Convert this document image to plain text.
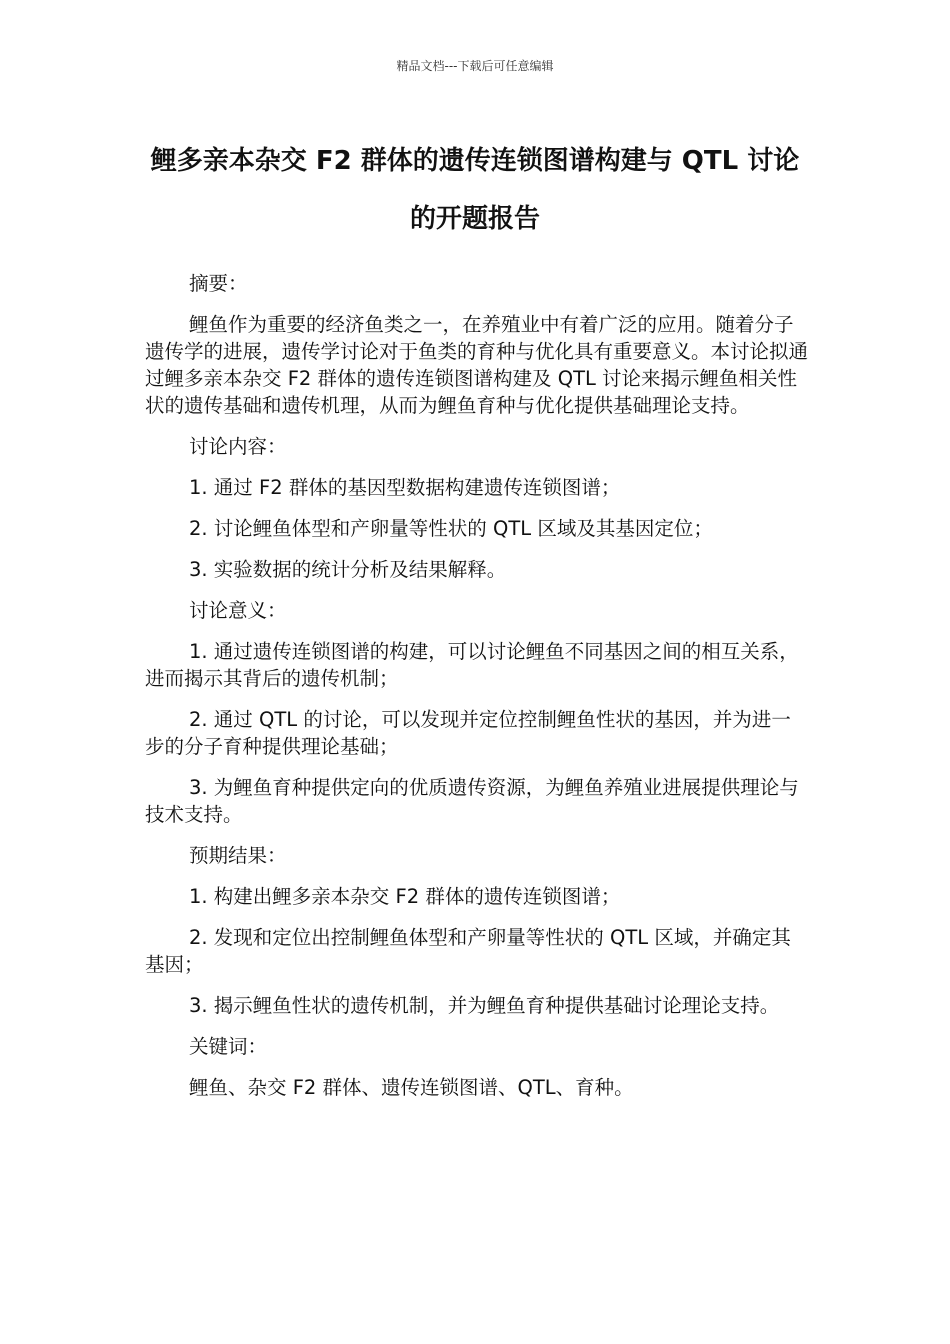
精品文档---下载后可任意编辑
鲤多亲本杂交 F2 群体的遗传连锁图谱构建与 QTL 讨论的开题报告

摘要：

鲤鱼作为重要的经济鱼类之一，在养殖业中有着广泛的应用。随着分子遗传学的进展，遗传学讨论对于鱼类的育种与优化具有重要意义。本讨论拟通过鲤多亲本杂交 F2 群体的遗传连锁图谱构建及 QTL 讨论来揭示鲤鱼相关性状的遗传基础和遗传机理，从而为鲤鱼育种与优化提供基础理论支持。

讨论内容：

1. 通过 F2 群体的基因型数据构建遗传连锁图谱；

2. 讨论鲤鱼体型和产卵量等性状的 QTL 区域及其基因定位；

3. 实验数据的统计分析及结果解释。

讨论意义：

1. 通过遗传连锁图谱的构建，可以讨论鲤鱼不同基因之间的相互关系，进而揭示其背后的遗传机制；

2. 通过 QTL 的讨论，可以发现并定位控制鲤鱼性状的基因，并为进一步的分子育种提供理论基础；

3. 为鲤鱼育种提供定向的优质遗传资源，为鲤鱼养殖业进展提供理论与技术支持。

预期结果：

1. 构建出鲤多亲本杂交 F2 群体的遗传连锁图谱；

2. 发现和定位出控制鲤鱼体型和产卵量等性状的 QTL 区域，并确定其基因；

3. 揭示鲤鱼性状的遗传机制，并为鲤鱼育种提供基础讨论理论支持。

关键词：

鲤鱼、杂交 F2 群体、遗传连锁图谱、QTL、育种。
